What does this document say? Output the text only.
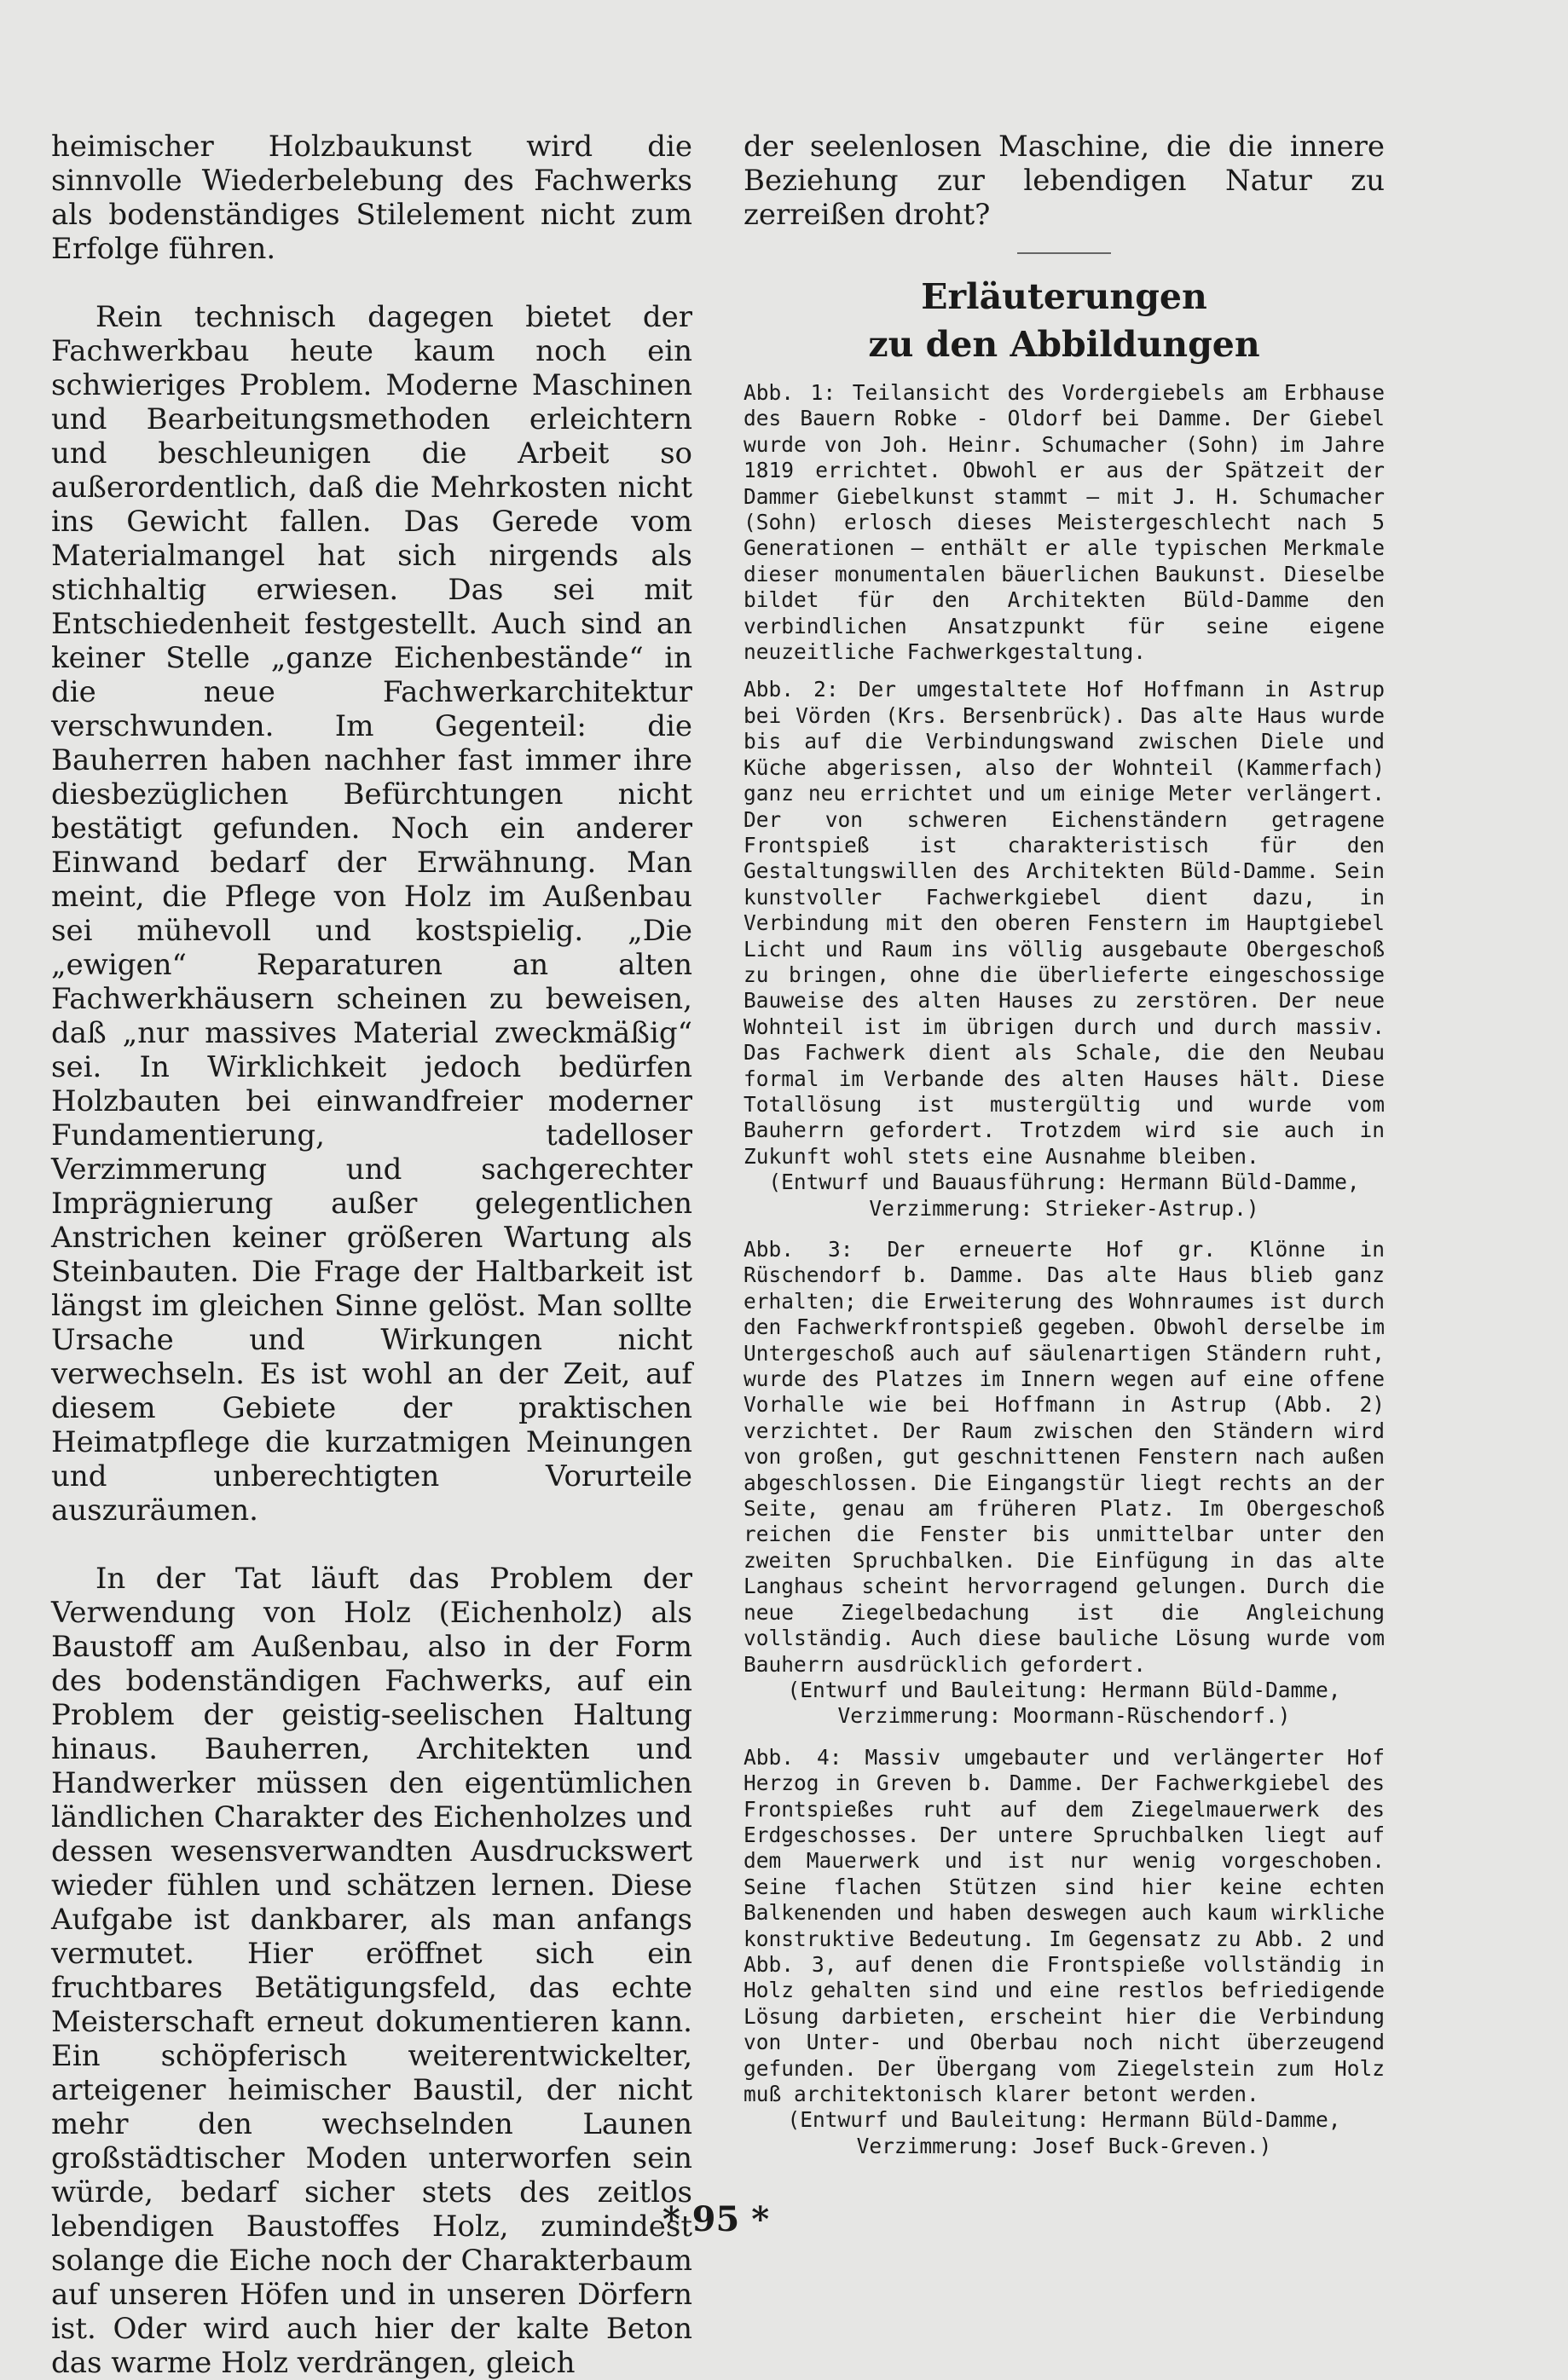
heimischer Holzbaukunst wird die sinnvolle Wiederbelebung des Fachwerks als bodenständiges Stilelement nicht zum Erfolge führen.

Rein technisch dagegen bietet der Fachwerkbau heute kaum noch ein schwieriges Problem. Moderne Maschinen und Bearbeitungsmethoden erleichtern und beschleunigen die Arbeit so außerordentlich, daß die Mehrkosten nicht ins Gewicht fallen. Das Gerede vom Materialmangel hat sich nirgends als stichhaltig erwiesen. Das sei mit Entschiedenheit festgestellt. Auch sind an keiner Stelle „ganze Eichenbestände“ in die neue Fachwerkarchitektur verschwunden. Im Gegenteil: die Bauherren haben nachher fast immer ihre diesbezüglichen Befürchtungen nicht bestätigt gefunden. Noch ein anderer Einwand bedarf der Erwähnung. Man meint, die Pflege von Holz im Außenbau sei mühevoll und kostspielig. „Die „ewigen“ Reparaturen an alten Fachwerkhäusern scheinen zu beweisen, daß „nur massives Material zweckmäßig“ sei. In Wirklichkeit jedoch bedürfen Holzbauten bei einwandfreier moderner Fundamentierung, tadelloser Verzimmerung und sachgerechter Imprägnierung außer gelegentlichen Anstrichen keiner größeren Wartung als Steinbauten. Die Frage der Haltbarkeit ist längst im gleichen Sinne gelöst. Man sollte Ursache und Wirkungen nicht verwechseln. Es ist wohl an der Zeit, auf diesem Gebiete der praktischen Heimatpflege die kurzatmigen Meinungen und unberechtigten Vorurteile auszuräumen.

In der Tat läuft das Problem der Verwendung von Holz (Eichenholz) als Baustoff am Außenbau, also in der Form des bodenständigen Fachwerks, auf ein Problem der geistig-seelischen Haltung hinaus. Bauherren, Architekten und Handwerker müssen den eigentümlichen ländlichen Charakter des Eichenholzes und dessen wesensverwandten Ausdruckswert wieder fühlen und schätzen lernen. Diese Aufgabe ist dankbarer, als man anfangs vermutet. Hier eröffnet sich ein fruchtbares Betätigungsfeld, das echte Meisterschaft erneut dokumentieren kann. Ein schöpferisch weiterentwickelter, arteigener heimischer Baustil, der nicht mehr den wechselnden Launen großstädtischer Moden unterworfen sein würde, bedarf sicher stets des zeitlos lebendigen Baustoffes Holz, zumindest solange die Eiche noch der Charakterbaum auf unseren Höfen und in unseren Dörfern ist. Oder wird auch hier der kalte Beton das warme Holz verdrängen, gleich

der seelenlosen Maschine, die die innere Beziehung zur lebendigen Natur zu zerreißen droht?

Erläuterungen
zu den Abbildungen

Abb. 1: Teilansicht des Vordergiebels am Erbhause des Bauern Robke - Oldorf bei Damme. Der Giebel wurde von Joh. Heinr. Schumacher (Sohn) im Jahre 1819 errichtet. Obwohl er aus der Spätzeit der Dammer Giebelkunst stammt — mit J. H. Schumacher (Sohn) erlosch dieses Meistergeschlecht nach 5 Generationen — enthält er alle typischen Merkmale dieser monumentalen bäuerlichen Baukunst. Dieselbe bildet für den Architekten Büld-Damme den verbindlichen Ansatzpunkt für seine eigene neuzeitliche Fachwerkgestaltung.

Abb. 2: Der umgestaltete Hof Hoffmann in Astrup bei Vörden (Krs. Bersenbrück). Das alte Haus wurde bis auf die Verbindungswand zwischen Diele und Küche abgerissen, also der Wohnteil (Kammerfach) ganz neu errichtet und um einige Meter verlängert. Der von schweren Eichenständern getragene Frontspieß ist charakteristisch für den Gestaltungswillen des Architekten Büld-Damme. Sein kunstvoller Fachwerkgiebel dient dazu, in Verbindung mit den oberen Fenstern im Hauptgiebel Licht und Raum ins völlig ausgebaute Obergeschoß zu bringen, ohne die überlieferte eingeschossige Bauweise des alten Hauses zu zerstören. Der neue Wohnteil ist im übrigen durch und durch massiv. Das Fachwerk dient als Schale, die den Neubau formal im Verbande des alten Hauses hält. Diese Totallösung ist mustergültig und wurde vom Bauherrn gefordert. Trotzdem wird sie auch in Zukunft wohl stets eine Ausnahme bleiben.

(Entwurf und Bauausführung: Hermann Büld-Damme,
Verzimmerung: Strieker-Astrup.)

Abb. 3: Der erneuerte Hof gr. Klönne in Rüschendorf b. Damme. Das alte Haus blieb ganz erhalten; die Erweiterung des Wohnraumes ist durch den Fachwerkfrontspieß gegeben. Obwohl derselbe im Untergeschoß auch auf säulenartigen Ständern ruht, wurde des Platzes im Innern wegen auf eine offene Vorhalle wie bei Hoffmann in Astrup (Abb. 2) verzichtet. Der Raum zwischen den Ständern wird von großen, gut geschnittenen Fenstern nach außen abgeschlossen. Die Eingangstür liegt rechts an der Seite, genau am früheren Platz. Im Obergeschoß reichen die Fenster bis unmittelbar unter den zweiten Spruchbalken. Die Einfügung in das alte Langhaus scheint hervorragend gelungen. Durch die neue Ziegelbedachung ist die Angleichung vollständig. Auch diese bauliche Lösung wurde vom Bauherrn ausdrücklich gefordert.

(Entwurf und Bauleitung: Hermann Büld-Damme,
Verzimmerung: Moormann-Rüschendorf.)

Abb. 4: Massiv umgebauter und verlängerter Hof Herzog in Greven b. Damme. Der Fachwerkgiebel des Frontspießes ruht auf dem Ziegelmauerwerk des Erdgeschosses. Der untere Spruchbalken liegt auf dem Mauerwerk und ist nur wenig vorgeschoben. Seine flachen Stützen sind hier keine echten Balkenenden und haben deswegen auch kaum wirkliche konstruktive Bedeutung. Im Gegensatz zu Abb. 2 und Abb. 3, auf denen die Frontspieße vollständig in Holz gehalten sind und eine restlos befriedigende Lösung darbieten, erscheint hier die Verbindung von Unter- und Oberbau noch nicht überzeugend gefunden. Der Übergang vom Ziegelstein zum Holz muß architektonisch klarer betont werden.

(Entwurf und Bauleitung: Hermann Büld-Damme,
Verzimmerung: Josef Buck-Greven.)
* 95 *
